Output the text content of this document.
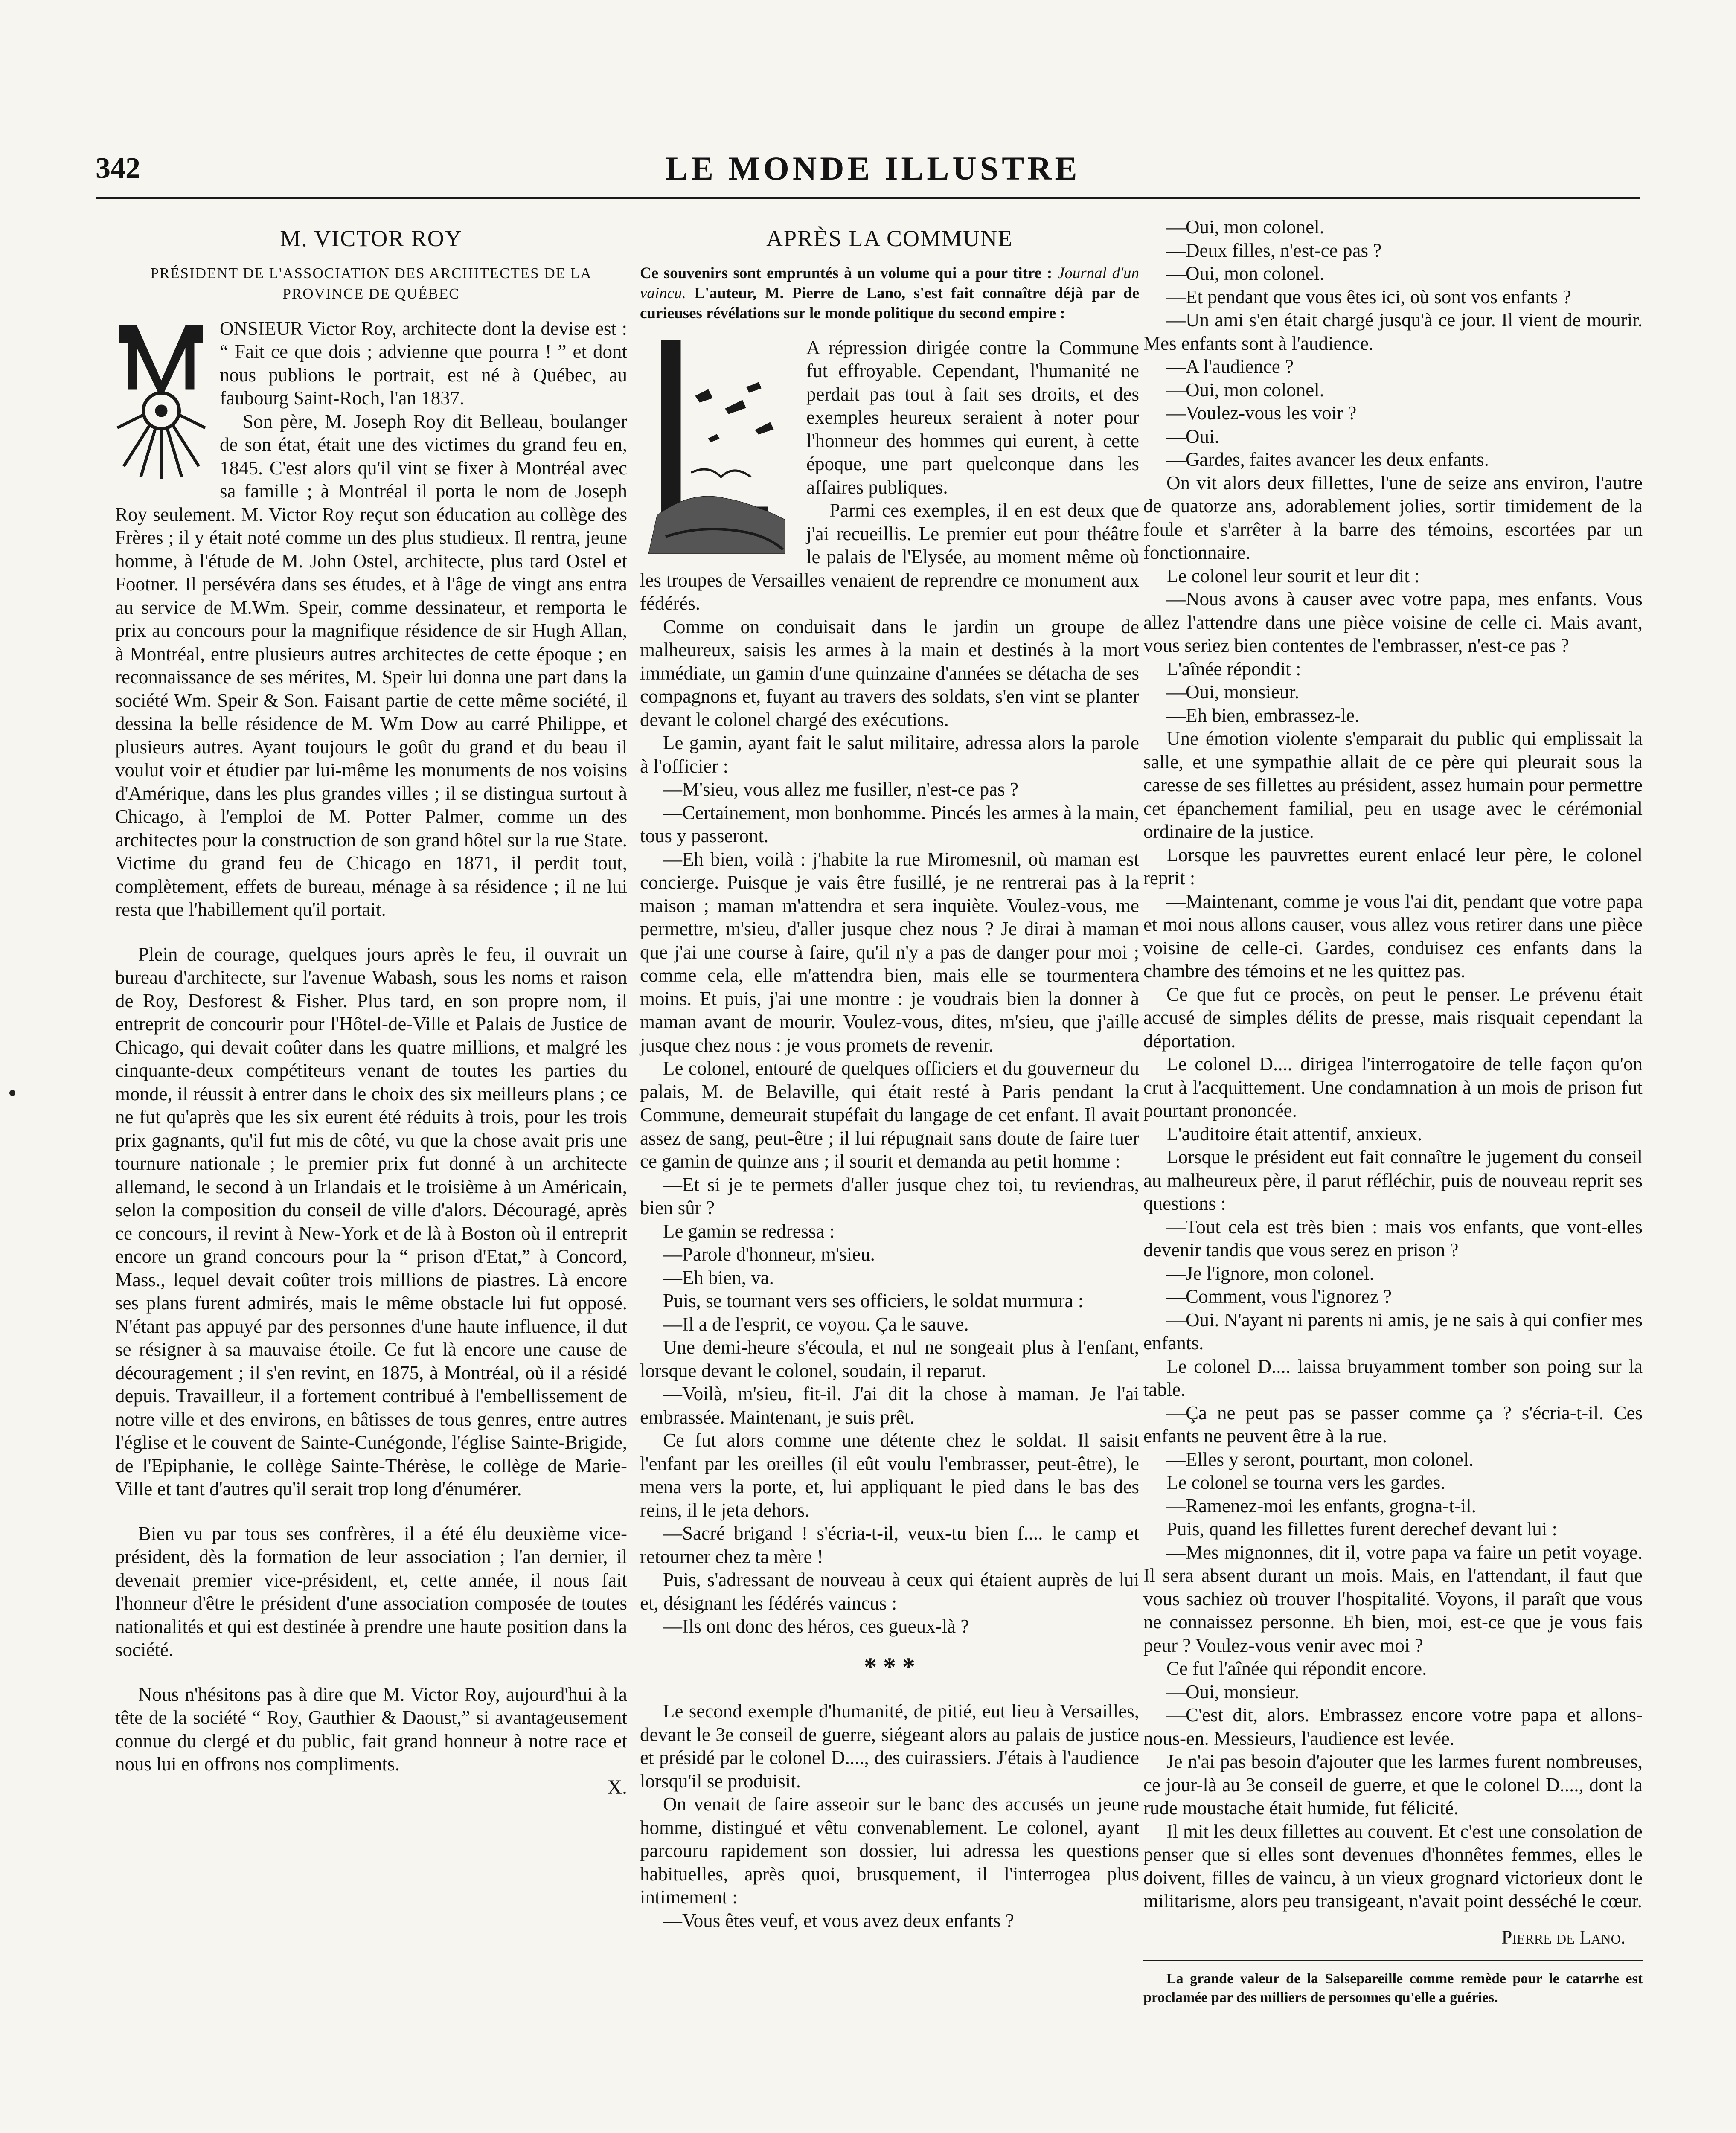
342	LE MONDE ILLUSTRE
M. VICTOR ROY
PRÉSIDENT DE L'ASSOCIATION DES ARCHITECTES DE LA PROVINCE DE QUÉBEC

ONSIEUR Victor Roy, architecte dont la devise est : “ Fait ce que dois ; advienne que pourra ! ” et dont nous publions le portrait, est né à Québec, au faubourg Saint-Roch, l'an 1837.

Son père, M. Joseph Roy dit Belleau, boulanger de son état, était une des victimes du grand feu en, 1845. C'est alors qu'il vint se fixer à Montréal avec sa famille ; à Montréal il porta le nom de Joseph Roy seulement. M. Victor Roy reçut son éducation au collège des Frères ; il y était noté comme un des plus studieux. Il rentra, jeune homme, à l'étude de M. John Ostel, architecte, plus tard Ostel et Footner. Il persévéra dans ses études, et à l'âge de vingt ans entra au service de M.Wm. Speir, comme dessinateur, et remporta le prix au concours pour la magnifique résidence de sir Hugh Allan, à Montréal, entre plusieurs autres architectes de cette époque ; en reconnaissance de ses mérites, M. Speir lui donna une part dans la société Wm. Speir & Son. Faisant partie de cette même société, il dessina la belle résidence de M. Wm Dow au carré Philippe, et plusieurs autres. Ayant toujours le goût du grand et du beau il voulut voir et étudier par lui-même les monuments de nos voisins d'Amérique, dans les plus grandes villes ; il se distingua surtout à Chicago, à l'emploi de M. Potter Palmer, comme un des architectes pour la construction de son grand hôtel sur la rue State. Victime du grand feu de Chicago en 1871, il perdit tout, complètement, effets de bureau, ménage à sa résidence ; il ne lui resta que l'habillement qu'il portait.

Plein de courage, quelques jours après le feu, il ouvrait un bureau d'architecte, sur l'avenue Wabash, sous les noms et raison de Roy, Desforest & Fisher. Plus tard, en son propre nom, il entreprit de concourir pour l'Hôtel-de-Ville et Palais de Justice de Chicago, qui devait coûter dans les quatre millions, et malgré les cinquante-deux compétiteurs venant de toutes les parties du monde, il réussit à entrer dans le choix des six meilleurs plans ; ce ne fut qu'après que les six eurent été réduits à trois, pour les trois prix gagnants, qu'il fut mis de côté, vu que la chose avait pris une tournure nationale ; le premier prix fut donné à un architecte allemand, le second à un Irlandais et le troisième à un Américain, selon la composition du conseil de ville d'alors. Découragé, après ce concours, il revint à New-York et de là à Boston où il entreprit encore un grand concours pour la “ prison d'Etat,” à Concord, Mass., lequel devait coûter trois millions de piastres. Là encore ses plans furent admirés, mais le même obstacle lui fut opposé. N'étant pas appuyé par des personnes d'une haute influence, il dut se résigner à sa mauvaise étoile. Ce fut là encore une cause de découragement ; il s'en revint, en 1875, à Montréal, où il a résidé depuis. Travailleur, il a fortement contribué à l'embellissement de notre ville et des environs, en bâtisses de tous genres, entre autres l'église et le couvent de Sainte-Cunégonde, l'église Sainte-Brigide, de l'Epiphanie, le collège Sainte-Thérèse, le collège de Marie-Ville et tant d'autres qu'il serait trop long d'énumérer.

Bien vu par tous ses confrères, il a été élu deuxième vice-président, dès la formation de leur association ; l'an dernier, il devenait premier vice-président, et, cette année, il nous fait l'honneur d'être le président d'une association composée de toutes nationalités et qui est destinée à prendre une haute position dans la société.

Nous n'hésitons pas à dire que M. Victor Roy, aujourd'hui à la tête de la société “ Roy, Gauthier & Daoust,” si avantageusement connue du clergé et du public, fait grand honneur à notre race et nous lui en offrons nos compliments.

X.
APRÈS LA COMMUNE
Ce souvenirs sont empruntés à un volume qui a pour titre : Journal d'un vaincu. L'auteur, M. Pierre de Lano, s'est fait connaître déjà par de curieuses révélations sur le monde politique du second empire :

A répression dirigée contre la Commune fut effroyable. Cependant, l'humanité ne perdait pas tout à fait ses droits, et des exemples heureux seraient à noter pour l'honneur des hommes qui eurent, à cette époque, une part quelconque dans les affaires publiques.

Parmi ces exemples, il en est deux que j'ai recueillis. Le premier eut pour théâtre le palais de l'Elysée, au moment même où les troupes de Versailles venaient de reprendre ce monument aux fédérés.

Comme on conduisait dans le jardin un groupe de malheureux, saisis les armes à la main et destinés à la mort immédiate, un gamin d'une quinzaine d'années se détacha de ses compagnons et, fuyant au travers des soldats, s'en vint se planter devant le colonel chargé des exécutions.

Le gamin, ayant fait le salut militaire, adressa alors la parole à l'officier :

—M'sieu, vous allez me fusiller, n'est-ce pas ?

—Certainement, mon bonhomme. Pincés les armes à la main, tous y passeront.

—Eh bien, voilà : j'habite la rue Miromesnil, où maman est concierge. Puisque je vais être fusillé, je ne rentrerai pas à la maison ; maman m'attendra et sera inquiète. Voulez-vous, me permettre, m'sieu, d'aller jusque chez nous ? Je dirai à maman que j'ai une course à faire, qu'il n'y a pas de danger pour moi ; comme cela, elle m'attendra bien, mais elle se tourmentera moins. Et puis, j'ai une montre : je voudrais bien la donner à maman avant de mourir. Voulez-vous, dites, m'sieu, que j'aille jusque chez nous : je vous promets de revenir.

Le colonel, entouré de quelques officiers et du gouverneur du palais, M. de Belaville, qui était resté à Paris pendant la Commune, demeurait stupéfait du langage de cet enfant. Il avait assez de sang, peut-être ; il lui répugnait sans doute de faire tuer ce gamin de quinze ans ; il sourit et demanda au petit homme :

—Et si je te permets d'aller jusque chez toi, tu reviendras, bien sûr ?

Le gamin se redressa :

—Parole d'honneur, m'sieu.

—Eh bien, va.

Puis, se tournant vers ses officiers, le soldat murmura :

—Il a de l'esprit, ce voyou. Ça le sauve.

Une demi-heure s'écoula, et nul ne songeait plus à l'enfant, lorsque devant le colonel, soudain, il reparut.

—Voilà, m'sieu, fit-il. J'ai dit la chose à maman. Je l'ai embrassée. Maintenant, je suis prêt.

Ce fut alors comme une détente chez le soldat. Il saisit l'enfant par les oreilles (il eût voulu l'embrasser, peut-être), le mena vers la porte, et, lui appliquant le pied dans le bas des reins, il le jeta dehors.

—Sacré brigand ! s'écria-t-il, veux-tu bien f.... le camp et retourner chez ta mère !

Puis, s'adressant de nouveau à ceux qui étaient auprès de lui et, désignant les fédérés vaincus :

—Ils ont donc des héros, ces gueux-là ?

* * *

Le second exemple d'humanité, de pitié, eut lieu à Versailles, devant le 3e conseil de guerre, siégeant alors au palais de justice et présidé par le colonel D...., des cuirassiers. J'étais à l'audience lorsqu'il se produisit.

On venait de faire asseoir sur le banc des accusés un jeune homme, distingué et vêtu convenablement. Le colonel, ayant parcouru rapidement son dossier, lui adressa les questions habituelles, après quoi, brusquement, il l'interrogea plus intimement :

—Vous êtes veuf, et vous avez deux enfants ?

—Oui, mon colonel.

—Deux filles, n'est-ce pas ?

—Oui, mon colonel.

—Et pendant que vous êtes ici, où sont vos enfants ?

—Un ami s'en était chargé jusqu'à ce jour. Il vient de mourir. Mes enfants sont à l'audience.

—A l'audience ?

—Oui, mon colonel.

—Voulez-vous les voir ?

—Oui.

—Gardes, faites avancer les deux enfants.

On vit alors deux fillettes, l'une de seize ans environ, l'autre de quatorze ans, adorablement jolies, sortir timidement de la foule et s'arrêter à la barre des témoins, escortées par un fonctionnaire.

Le colonel leur sourit et leur dit :

—Nous avons à causer avec votre papa, mes enfants. Vous allez l'attendre dans une pièce voisine de celle ci. Mais avant, vous seriez bien contentes de l'embrasser, n'est-ce pas ?

L'aînée répondit :

—Oui, monsieur.

—Eh bien, embrassez-le.

Une émotion violente s'emparait du public qui emplissait la salle, et une sympathie allait de ce père qui pleurait sous la caresse de ses fillettes au président, assez humain pour permettre cet épanchement familial, peu en usage avec le cérémonial ordinaire de la justice.

Lorsque les pauvrettes eurent enlacé leur père, le colonel reprit :

—Maintenant, comme je vous l'ai dit, pendant que votre papa et moi nous allons causer, vous allez vous retirer dans une pièce voisine de celle-ci. Gardes, conduisez ces enfants dans la chambre des témoins et ne les quittez pas.

Ce que fut ce procès, on peut le penser. Le prévenu était accusé de simples délits de presse, mais risquait cependant la déportation.

Le colonel D.... dirigea l'interrogatoire de telle façon qu'on crut à l'acquittement. Une condamnation à un mois de prison fut pourtant prononcée.

L'auditoire était attentif, anxieux.

Lorsque le président eut fait connaître le jugement du conseil au malheureux père, il parut réfléchir, puis de nouveau reprit ses questions :

—Tout cela est très bien : mais vos enfants, que vont-elles devenir tandis que vous serez en prison ?

—Je l'ignore, mon colonel.

—Comment, vous l'ignorez ?

—Oui. N'ayant ni parents ni amis, je ne sais à qui confier mes enfants.

Le colonel D.... laissa bruyamment tomber son poing sur la table.

—Ça ne peut pas se passer comme ça ? s'écria-t-il. Ces enfants ne peuvent être à la rue.

—Elles y seront, pourtant, mon colonel.

Le colonel se tourna vers les gardes.

—Ramenez-moi les enfants, grogna-t-il.

Puis, quand les fillettes furent derechef devant lui :

—Mes mignonnes, dit il, votre papa va faire un petit voyage. Il sera absent durant un mois. Mais, en l'attendant, il faut que vous sachiez où trouver l'hospitalité. Voyons, il paraît que vous ne connaissez personne. Eh bien, moi, est-ce que je vous fais peur ? Voulez-vous venir avec moi ?

Ce fut l'aînée qui répondit encore.

—Oui, monsieur.

—C'est dit, alors. Embrassez encore votre papa et allons-nous-en. Messieurs, l'audience est levée.

Je n'ai pas besoin d'ajouter que les larmes furent nombreuses, ce jour-là au 3e conseil de guerre, et que le colonel D...., dont la rude moustache était humide, fut félicité.

Il mit les deux fillettes au couvent. Et c'est une consolation de penser que si elles sont devenues d'honnêtes femmes, elles le doivent, filles de vaincu, à un vieux grognard victorieux dont le militarisme, alors peu transigeant, n'avait point desséché le cœur.

Pierre de Lano.

La grande valeur de la Salsepareille comme remède pour le catarrhe est proclamée par des milliers de personnes qu'elle a guéries.
